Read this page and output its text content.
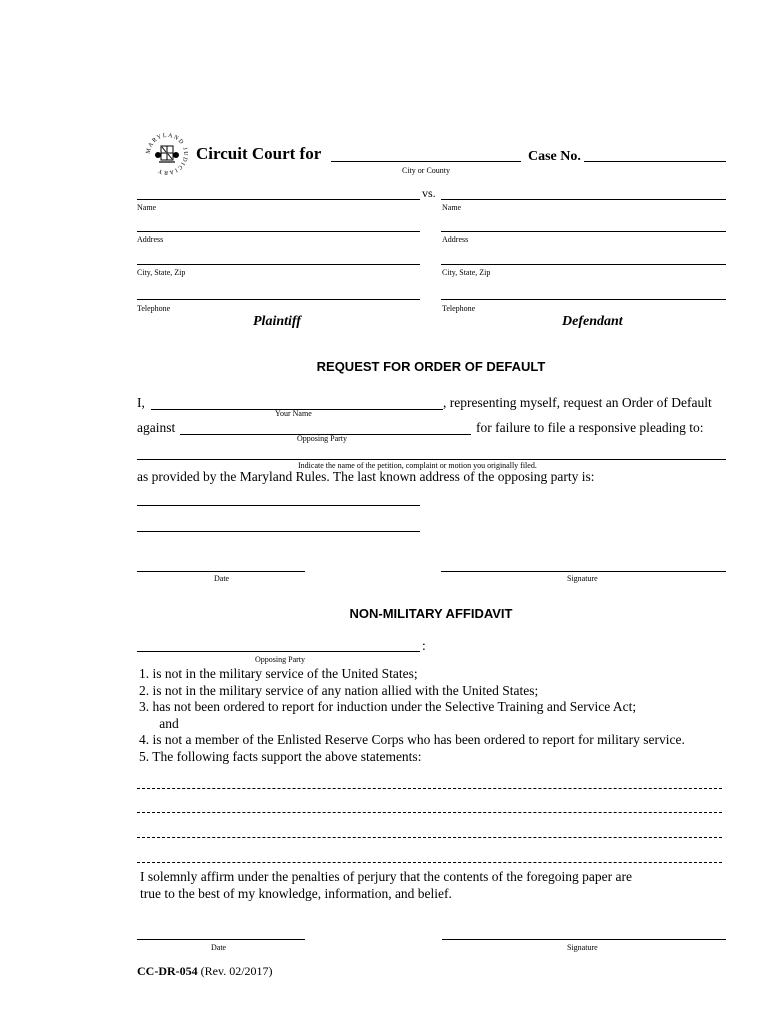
MARYLAND JUDICIARY
Circuit Court for
City or County
Case No.
Name
vs.
Address
City, State, Zip
Telephone
Plaintiff
Name
Address
City, State, Zip
Telephone
Defendant
REQUEST FOR ORDER OF DEFAULT
I,
Your Name
, representing myself, request an Order of Default
against
Opposing Party
for failure to file a responsive pleading to:
Indicate the name of the petition, complaint or motion you originally filed.
as provided by the Maryland Rules. The last known address of the opposing party is:
Date	Signature
NON-MILITARY AFFIDAVIT
:
Opposing Party
1. is not in the military service of the United States;
2. is not in the military service of any nation allied with the United States;
3. has not been ordered to report for induction under the Selective Training and Service Act;
and
4. is not a member of the Enlisted Reserve Corps who has been ordered to report for military service.
5. The following facts support the above statements:
I solemnly affirm under the penalties of perjury that the contents of the foregoing paper are
true to the best of my knowledge, information, and belief.
Date	Signature
CC-DR-054 (Rev. 02/2017)
